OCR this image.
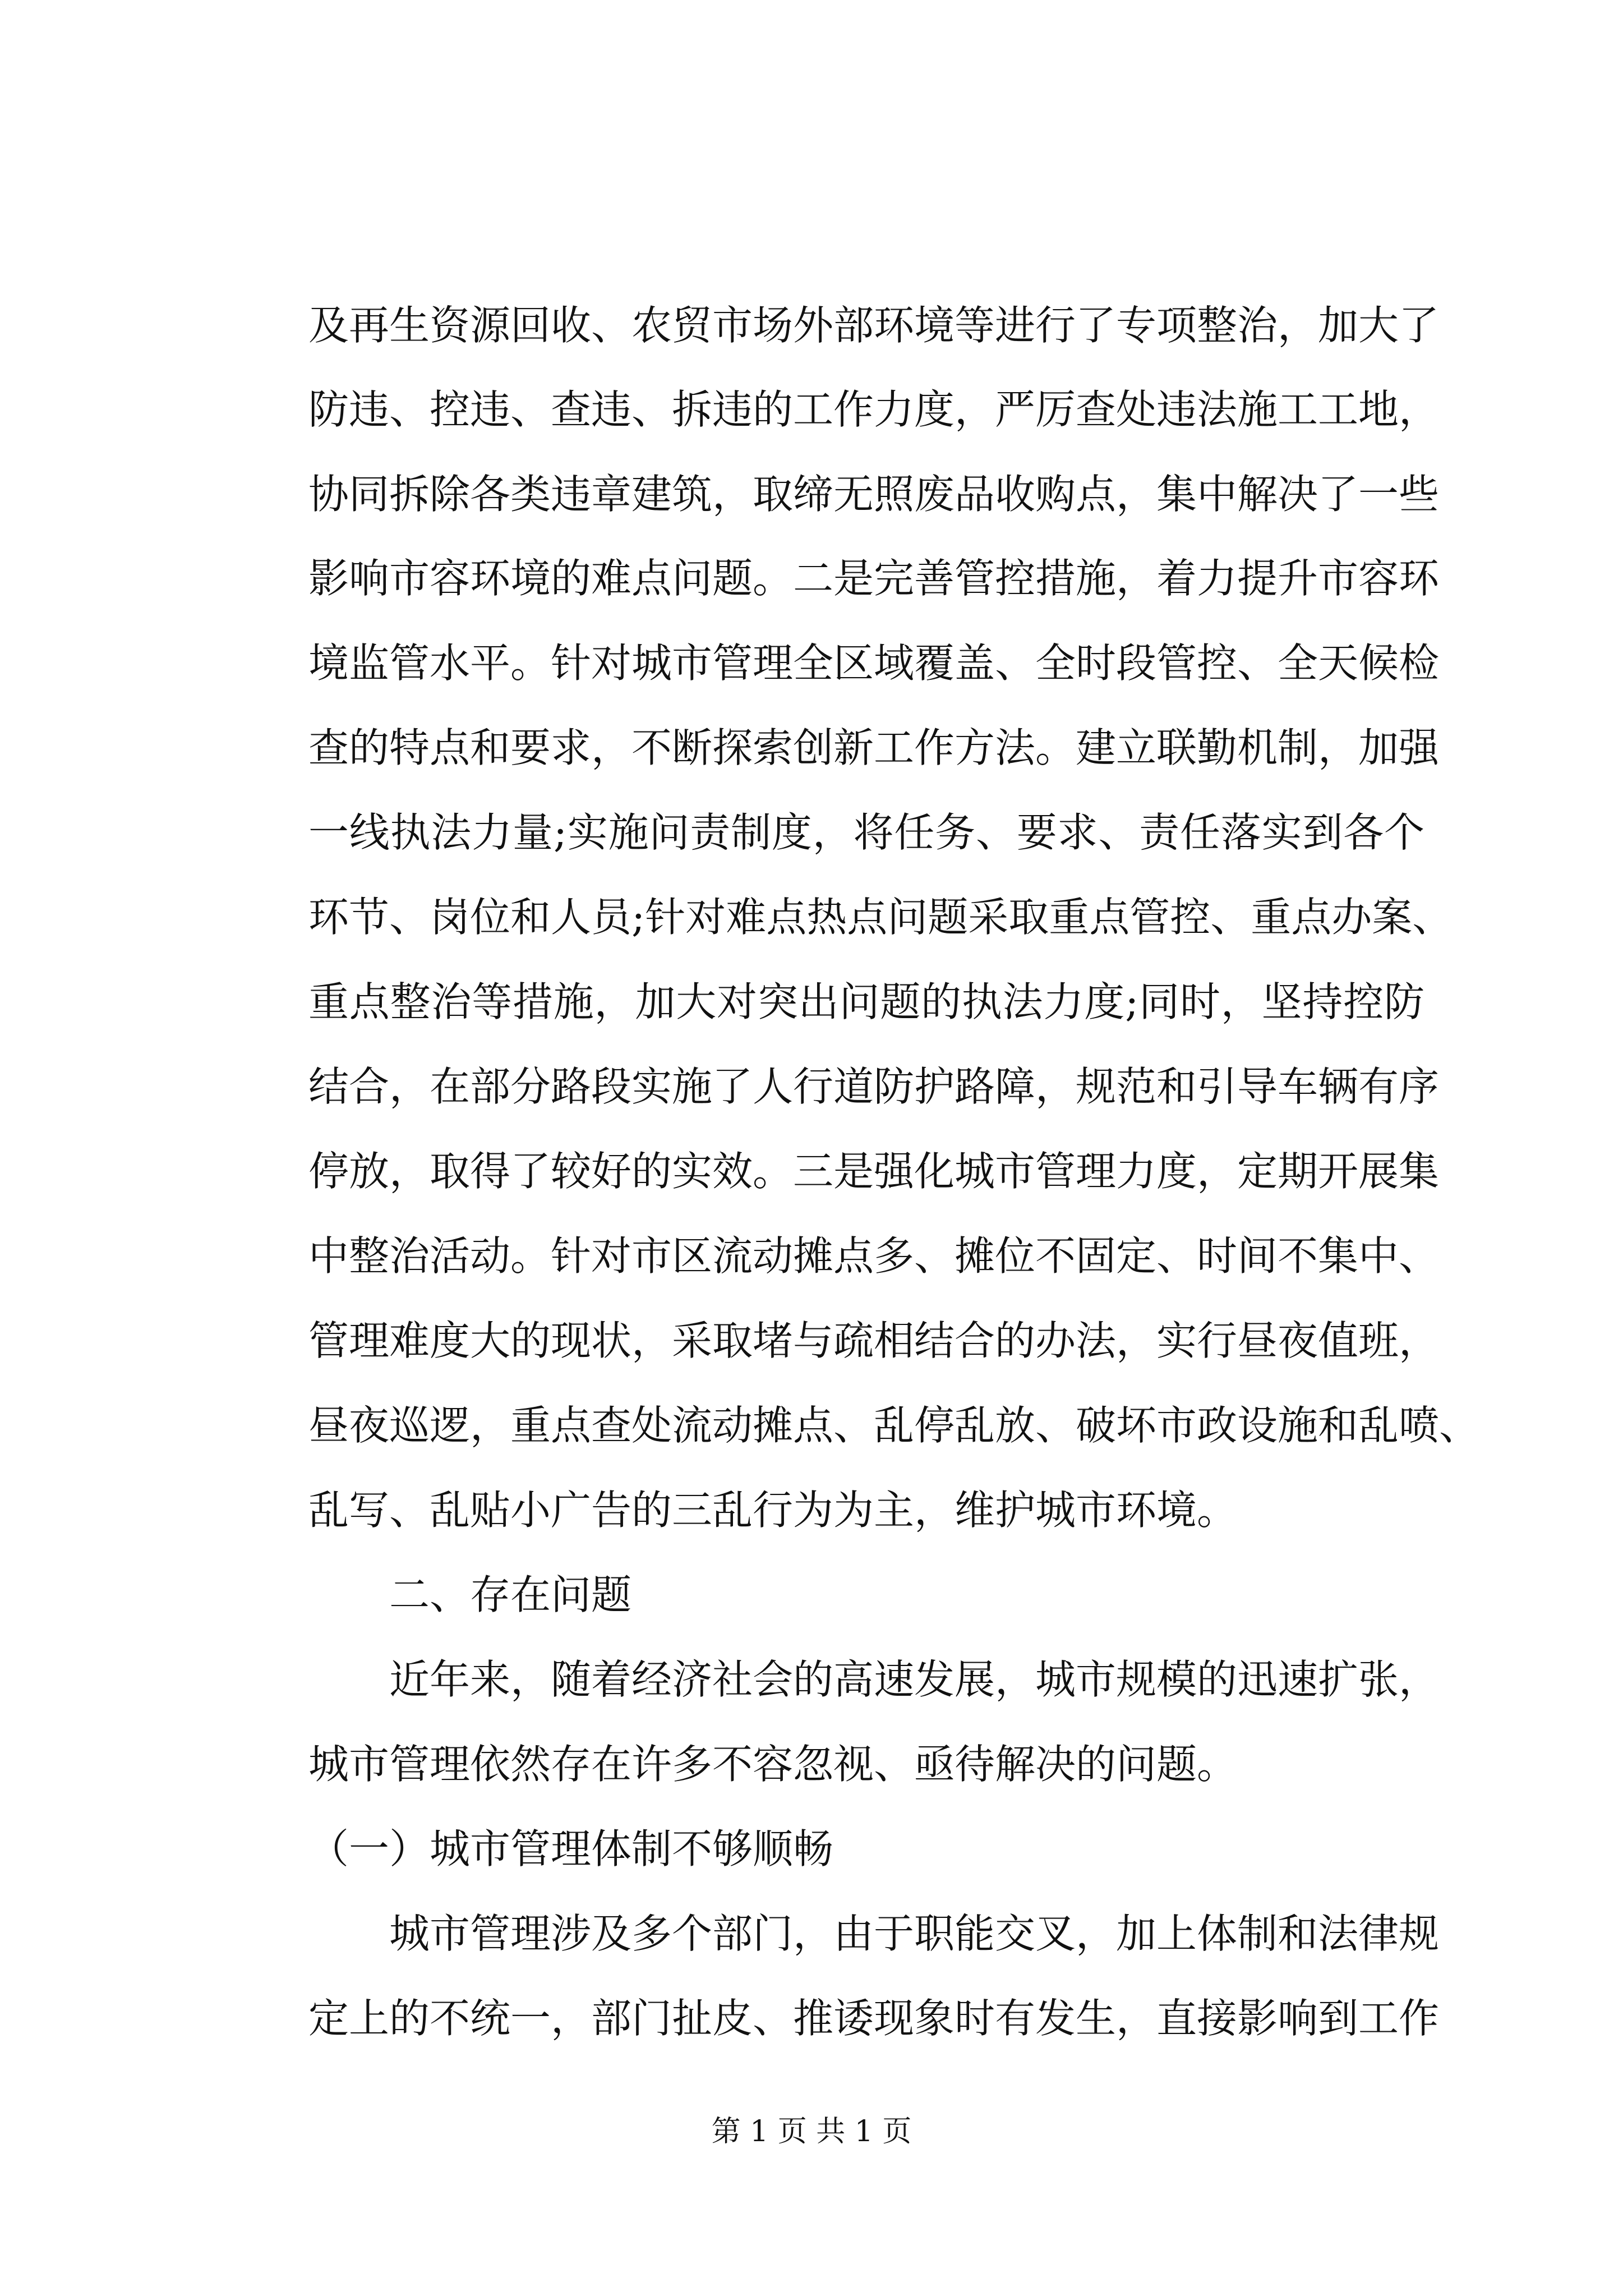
及再生资源回收、农贸市场外部环境等进行了专项整治，加大了
防违、控违、查违、拆违的工作力度，严厉查处违法施工工地，
协同拆除各类违章建筑，取缔无照废品收购点，集中解决了一些
影响市容环境的难点问题。二是完善管控措施，着力提升市容环
境监管水平。针对城市管理全区域覆盖、全时段管控、全天候检
查的特点和要求，不断探索创新工作方法。建立联勤机制，加强
一线执法力量;实施问责制度，将任务、要求、责任落实到各个
环节、岗位和人员;针对难点热点问题采取重点管控、重点办案、
重点整治等措施，加大对突出问题的执法力度;同时，坚持控防
结合，在部分路段实施了人行道防护路障，规范和引导车辆有序
停放，取得了较好的实效。三是强化城市管理力度，定期开展集
中整治活动。针对市区流动摊点多、摊位不固定、时间不集中、
管理难度大的现状，采取堵与疏相结合的办法，实行昼夜值班，
昼夜巡逻，重点查处流动摊点、乱停乱放、破坏市政设施和乱喷、
乱写、乱贴小广告的三乱行为为主，维护城市环境。
二、存在问题
近年来，随着经济社会的高速发展，城市规模的迅速扩张，
城市管理依然存在许多不容忽视、亟待解决的问题。
（一）城市管理体制不够顺畅
城市管理涉及多个部门，由于职能交叉，加上体制和法律规
定上的不统一，部门扯皮、推诿现象时有发生，直接影响到工作
第 1 页 共 1 页
